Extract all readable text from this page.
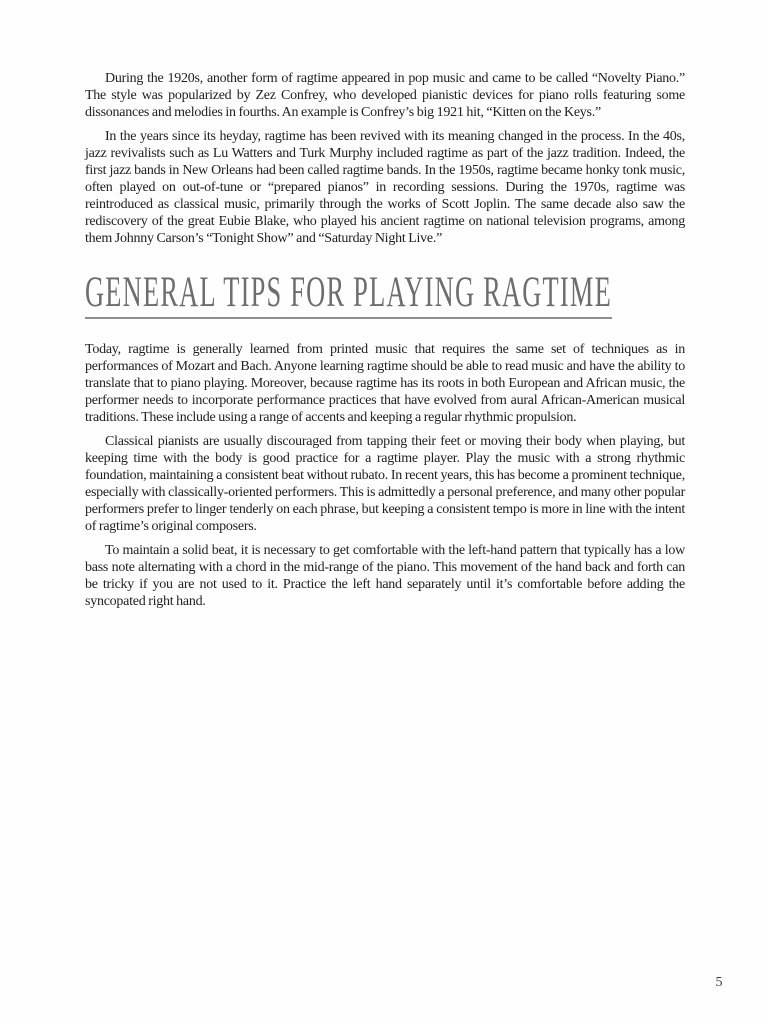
During the 1920s, another form of ragtime appeared in pop music and came to be called “Novelty Piano.” The style was popularized by Zez Confrey, who developed pianistic devices for piano rolls featuring some dissonances and melodies in fourths. An example is Confrey’s big 1921 hit, “Kitten on the Keys.”

In the years since its heyday, ragtime has been revived with its meaning changed in the process. In the 40s, jazz revivalists such as Lu Watters and Turk Murphy included ragtime as part of the jazz tradition. Indeed, the first jazz bands in New Orleans had been called ragtime bands. In the 1950s, ragtime became honky tonk music, often played on out-of-tune or “prepared pianos” in recording sessions. During the 1970s, ragtime was reintroduced as classical music, primarily through the works of Scott Joplin. The same decade also saw the rediscovery of the great Eubie Blake, who played his ancient ragtime on national television programs, among them Johnny Carson’s “Tonight Show” and “Saturday Night Live.”

GENERAL TIPS FOR PLAYING RAGTIME

Today, ragtime is generally learned from printed music that requires the same set of techniques as in performances of Mozart and Bach. Anyone learning ragtime should be able to read music and have the ability to translate that to piano playing. Moreover, because ragtime has its roots in both European and African music, the performer needs to incorporate performance practices that have evolved from aural African-American musical traditions. These include using a range of accents and keeping a regular rhythmic propulsion.

Classical pianists are usually discouraged from tapping their feet or moving their body when playing, but keeping time with the body is good practice for a ragtime player. Play the music with a strong rhythmic foundation, maintaining a consistent beat without rubato. In recent years, this has become a prominent technique, especially with classically-oriented performers. This is admittedly a personal preference, and many other popular performers prefer to linger tenderly on each phrase, but keeping a consistent tempo is more in line with the intent of ragtime’s original composers.

To maintain a solid beat, it is necessary to get comfortable with the left-hand pattern that typically has a low bass note alternating with a chord in the mid-range of the piano. This movement of the hand back and forth can be tricky if you are not used to it. Practice the left hand separately until it’s comfortable before adding the syncopated right hand.

5
